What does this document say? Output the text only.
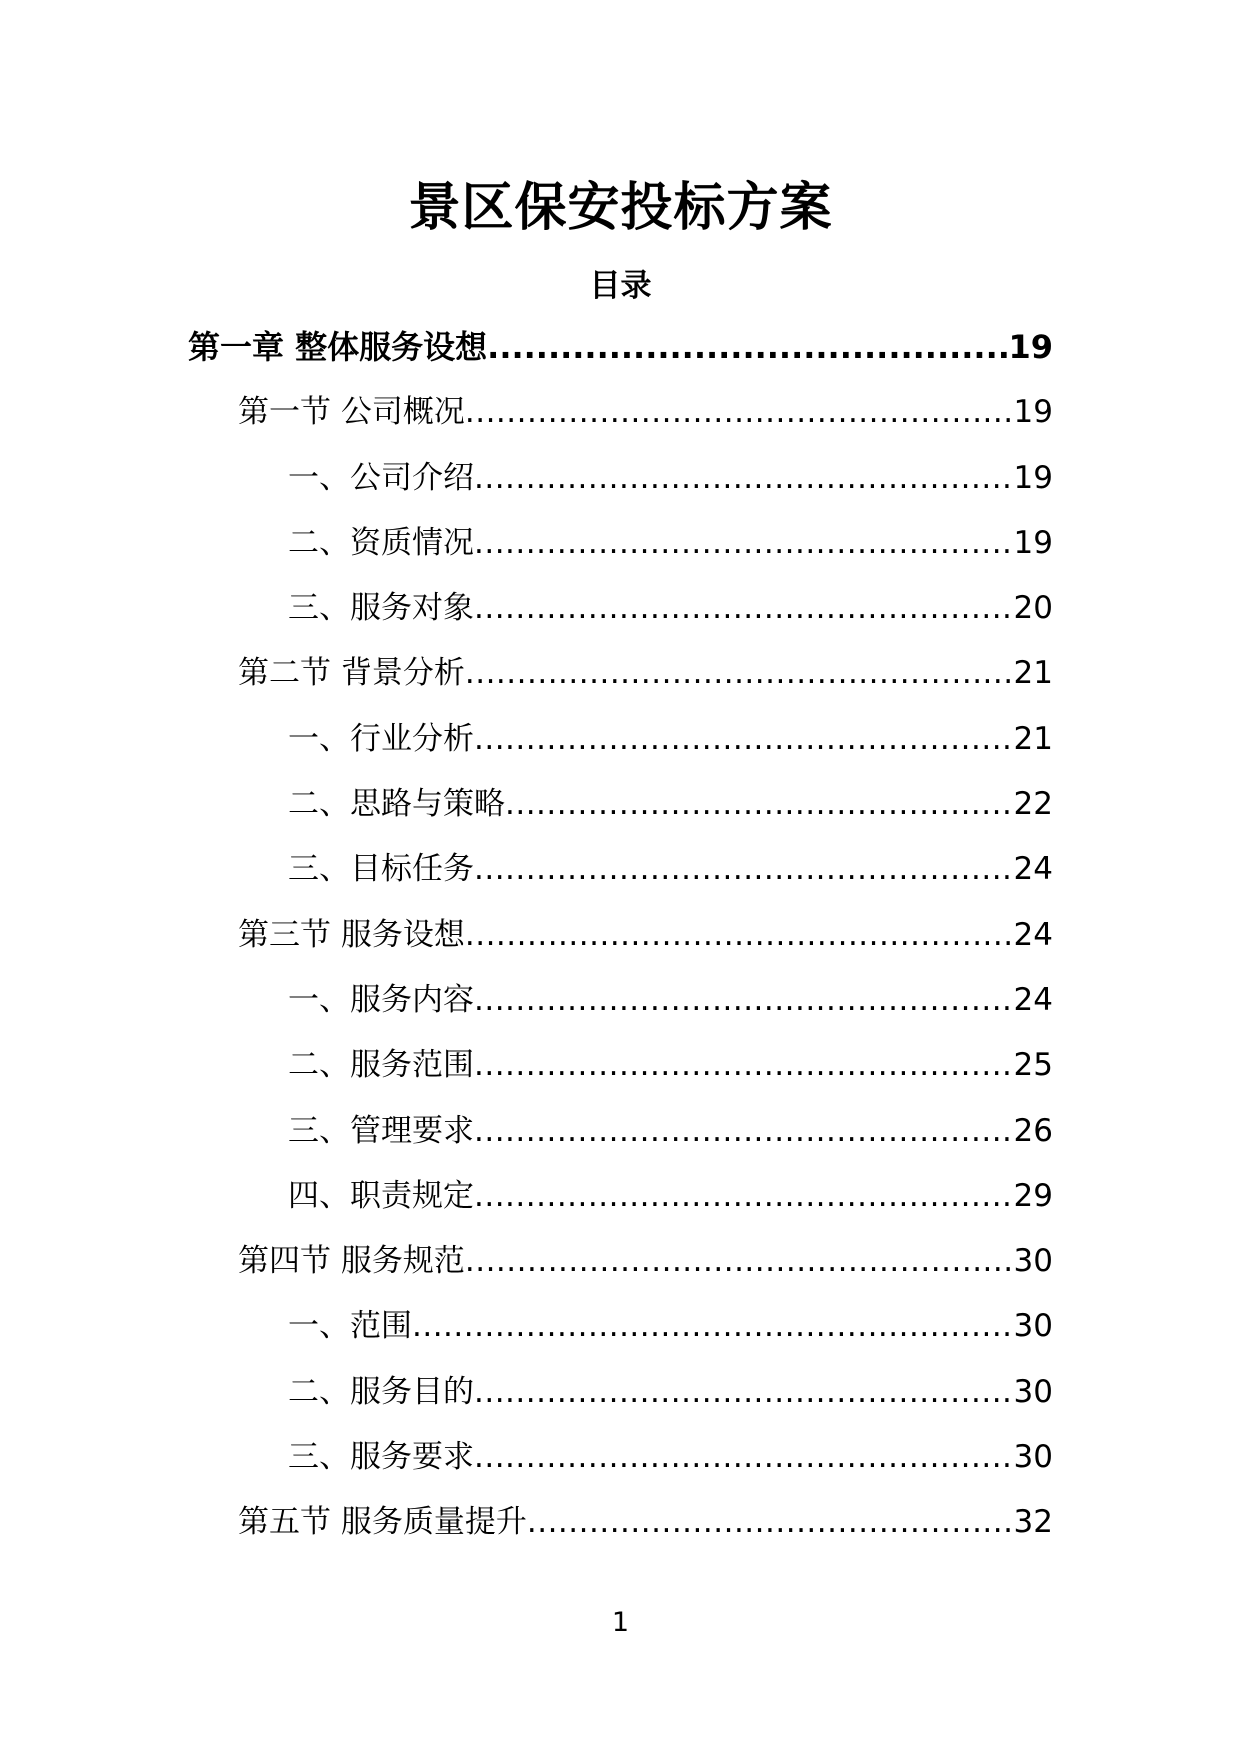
景区保安投标方案
目录
第一章 整体服务设想 .....	19
第一节 公司概况 .....	19
一、公司介绍 .....	19
二、资质情况 .....	19
三、服务对象 .....	20
第二节 背景分析 .....	21
一、行业分析 .....	21
二、思路与策略 .....	22
三、目标任务 .....	24
第三节 服务设想 .....	24
一、服务内容 .....	24
二、服务范围 .....	25
三、管理要求 .....	26
四、职责规定 .....	29
第四节 服务规范 .....	30
一、范围 .....	30
二、服务目的 .....	30
三、服务要求 .....	30
第五节 服务质量提升 .....	32
1
